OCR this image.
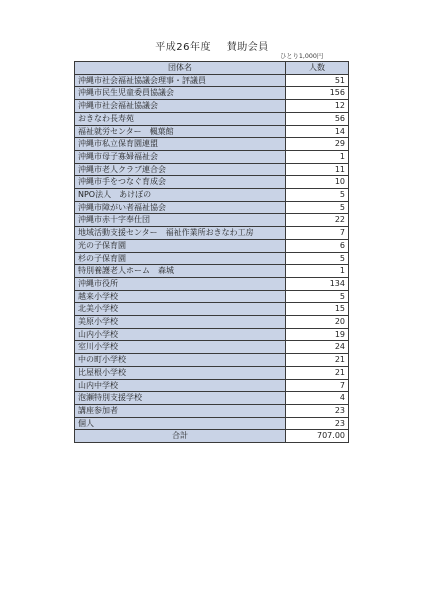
平成26年度 賛助会員
ひとり1,000円
団体名	人数
沖縄市社会福祉協議会理事・評議員	51
沖縄市民生児童委員協議会	156
沖縄市社会福祉協議会	12
おきなわ長寿苑	56
福祉就労センター　楓葉館	14
沖縄市私立保育園連盟	29
沖縄市母子寡婦福祉会	1
沖縄市老人クラブ連合会	11
沖縄市手をつなぐ育成会	10
NPO法人　あけぼの	5
沖縄市障がい者福祉協会	5
沖縄市赤十字奉仕団	22
地域活動支援センター　福祉作業所おきなわ工房	7
光の子保育園	6
杉の子保育園	5
特別養護老人ホーム　森城	1
沖縄市役所	134
越来小学校	5
北美小学校	15
美原小学校	20
山内小学校	19
室川小学校	24
中の町小学校	21
比屋根小学校	21
山内中学校	7
泡瀬特別支援学校	4
講座参加者	23
個人	23
合計	707.00
